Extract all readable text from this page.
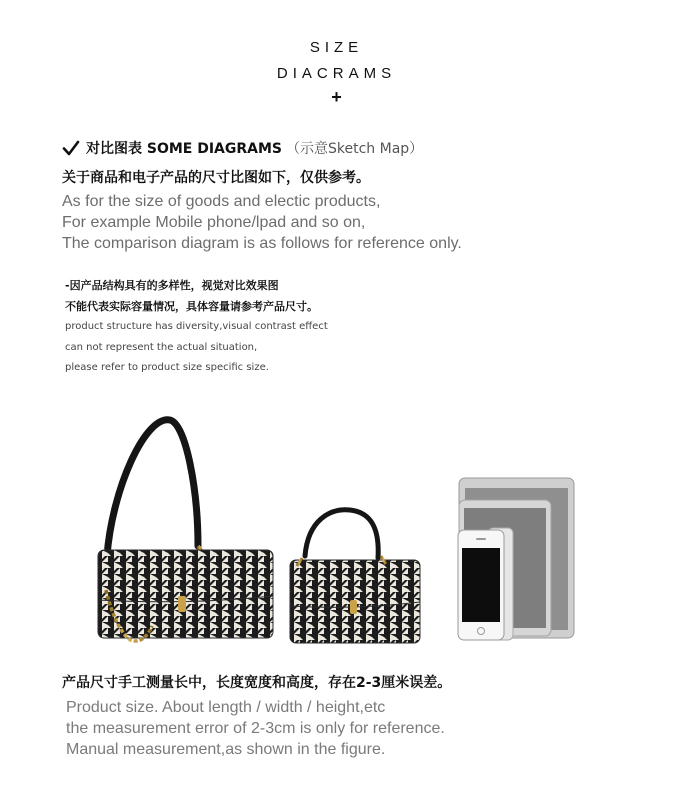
SIZE
DIACRAMS
+
对比图表 SOME DIAGRAMS （示意Sketch Map）
关于商品和电子产品的尺寸比图如下，仅供参考。
As for the size of goods and electic products,
For example Mobile phone/lpad and so on,
The comparison diagram is as follows for reference only.
-因产品结构具有的多样性，视觉对比效果图
不能代表实际容量情况，具体容量请参考产品尺寸。
product structure has diversity,visual contrast effect
can not represent the actual situation,
please refer to product size specific size.
产品尺寸手工测量长中，长度宽度和高度，存在2-3厘米误差。
Product size. About length / width / height,etc
the measurement error of 2-3cm is only for reference.
Manual measurement,as shown in the figure.
